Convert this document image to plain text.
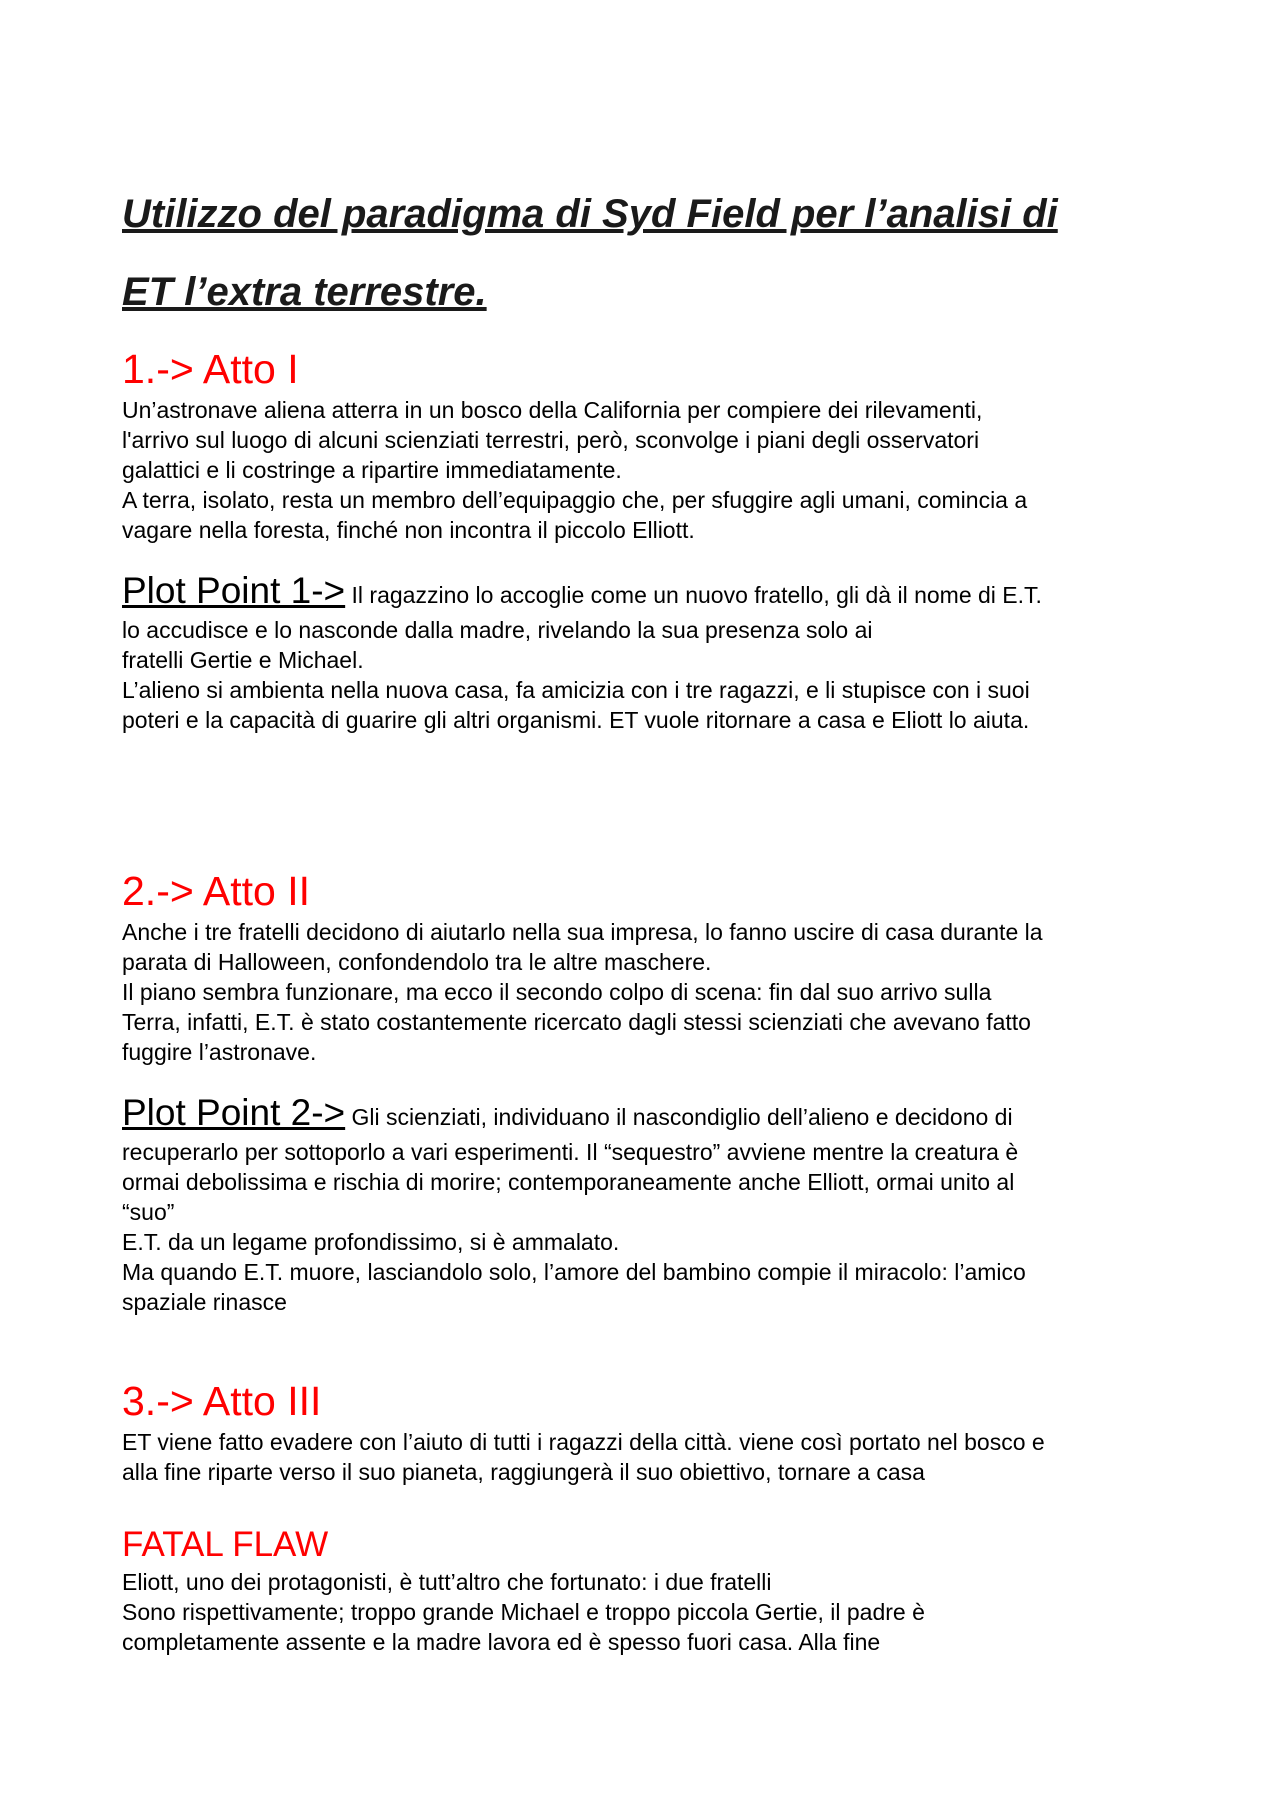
Utilizzo del paradigma di Syd Field per l’analisi di
ET l’extra terrestre.
1.-> Atto I

Un’astronave aliena atterra in un bosco della California per compiere dei rilevamenti,

l'arrivo sul luogo di alcuni scienziati terrestri, però, sconvolge i piani degli osservatori

galattici e li costringe a ripartire immediatamente.

A terra, isolato, resta un membro dell’equipaggio che, per sfuggire agli umani, comincia a

vagare nella foresta, finché non incontra il piccolo Elliott.

Plot Point 1-> Il ragazzino lo accoglie come un nuovo fratello, gli dà il nome di E.T.

lo accudisce e lo nasconde dalla madre, rivelando la sua presenza solo ai

fratelli Gertie e Michael.

L’alieno si ambienta nella nuova casa, fa amicizia con i tre ragazzi, e li stupisce con i suoi

poteri e la capacità di guarire gli altri organismi. ET vuole ritornare a casa e Eliott lo aiuta.

2.-> Atto II

Anche i tre fratelli decidono di aiutarlo nella sua impresa, lo fanno uscire di casa durante la

parata di Halloween, confondendolo tra le altre maschere.

Il piano sembra funzionare, ma ecco il secondo colpo di scena: fin dal suo arrivo sulla

Terra, infatti, E.T. è stato costantemente ricercato dagli stessi scienziati che avevano fatto

fuggire l’astronave.

Plot Point 2-> Gli scienziati, individuano il nascondiglio dell’alieno e decidono di

recuperarlo per sottoporlo a vari esperimenti. Il “sequestro” avviene mentre la creatura è

ormai debolissima e rischia di morire; contemporaneamente anche Elliott, ormai unito al

“suo”

E.T. da un legame profondissimo, si è ammalato.

Ma quando E.T. muore, lasciandolo solo, l’amore del bambino compie il miracolo: l’amico

spaziale rinasce

3.-> Atto III

ET viene fatto evadere con l’aiuto di tutti i ragazzi della città. viene così portato nel bosco e

alla fine riparte verso il suo pianeta, raggiungerà il suo obiettivo, tornare a casa

FATAL FLAW

Eliott, uno dei protagonisti, è tutt’altro che fortunato: i due fratelli

Sono rispettivamente; troppo grande Michael e troppo piccola Gertie, il padre è

completamente assente e la madre lavora ed è spesso fuori casa. Alla fine
